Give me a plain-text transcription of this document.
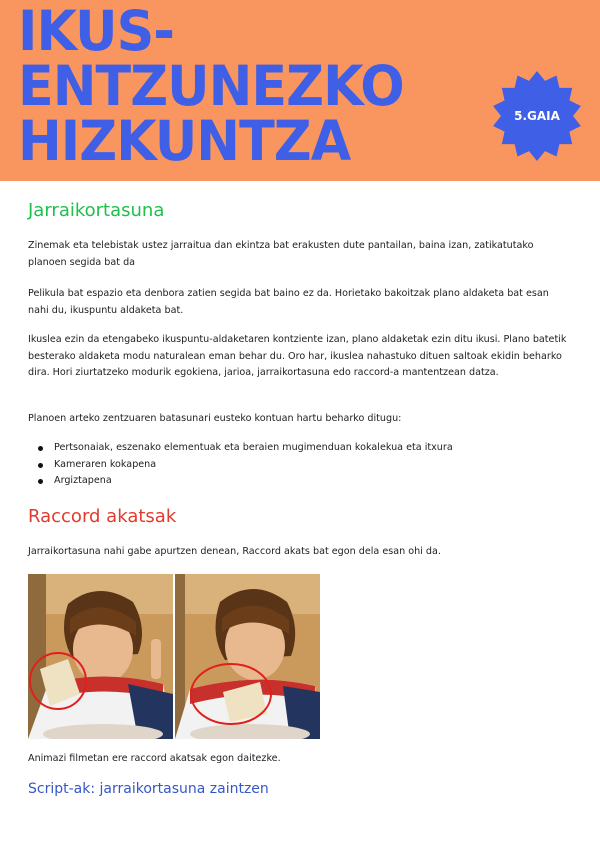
IKUS-
ENTZUNEZKO
HIZKUNTZA	5.GAIA
Jarraikortasuna

Zinemak eta telebistak ustez jarraitua dan ekintza bat erakusten dute pantailan, baina izan, zatikatutako planoen segida bat da

Pelikula bat espazio eta denbora zatien segida bat baino ez da. Horietako bakoitzak plano aldaketa bat esan nahi du, ikuspuntu aldaketa bat.

Ikuslea ezin da etengabeko ikuspuntu-aldaketaren kontziente izan, plano aldaketak ezin ditu ikusi. Plano batetik besterako aldaketa modu naturalean eman behar du. Oro har, ikuslea nahastuko dituen saltoak ekidin beharko dira. Hori ziurtatzeko modurik egokiena, jarioa, jarraikortasuna edo raccord-a mantentzean datza.

Planoen arteko zentzuaren batasunari eusteko kontuan hartu beharko ditugu:

Pertsonaiak, eszenako elementuak eta beraien mugimenduan kokalekua eta itxura
Kameraren kokapena
Argiztapena
Raccord akatsak

Jarraikortasuna nahi gabe apurtzen denean, Raccord akats bat egon dela esan ohi da.

Animazi filmetan ere raccord akatsak egon daitezke.

Script-ak: jarraikortasuna zaintzen
